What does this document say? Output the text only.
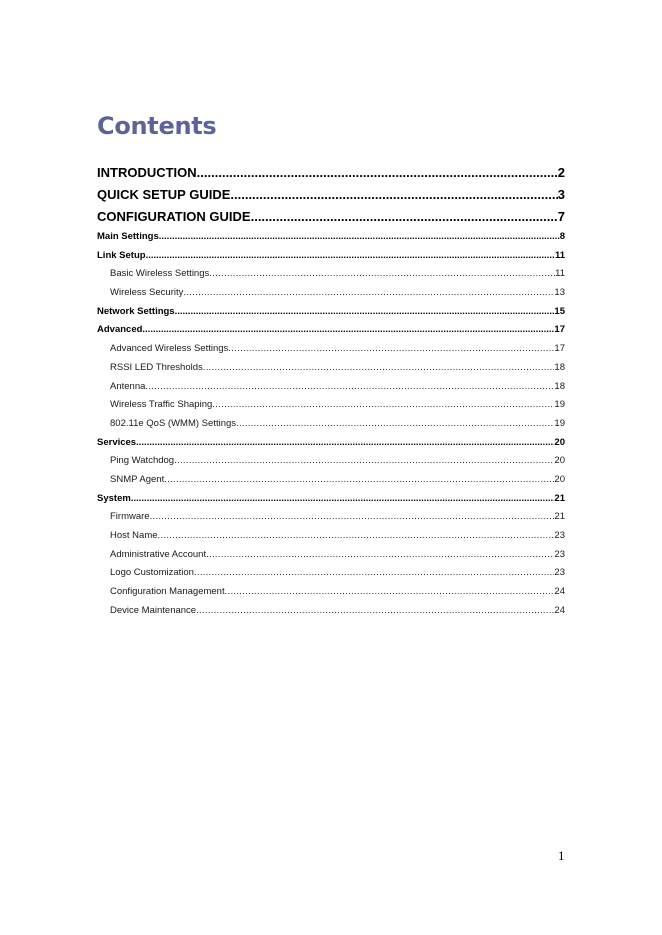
Contents
INTRODUCTION .....	2
QUICK SETUP GUIDE .....	3
CONFIGURATION GUIDE .....	7
Main Settings .....	8
Link Setup .....	11
Basic Wireless Settings .....	11
Wireless Security .....	13
Network Settings .....	15
Advanced .....	17
Advanced Wireless Settings .....	17
RSSI LED Thresholds .....	18
Antenna .....	18
Wireless Traffic Shaping .....	19
802.11e QoS (WMM) Settings .....	19
Services .....	20
Ping Watchdog .....	20
SNMP Agent .....	20
System .....	21
Firmware .....	21
Host Name .....	23
Administrative Account .....	23
Logo Customization .....	23
Configuration Management .....	24
Device Maintenance .....	24
1
